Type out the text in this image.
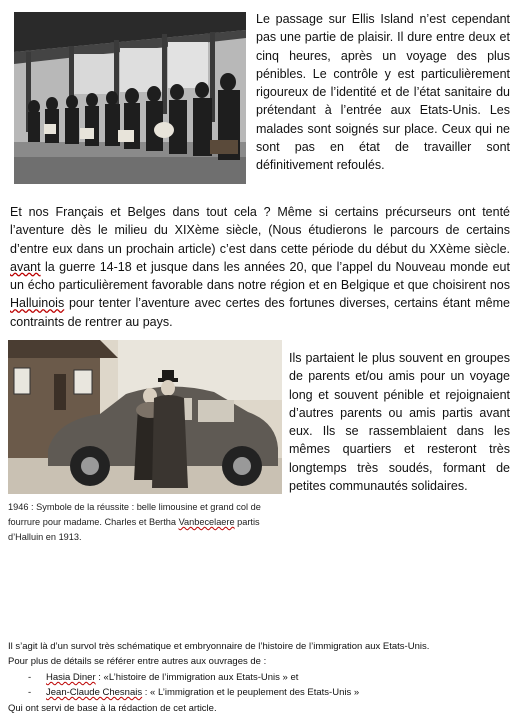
Le passage sur Ellis Island n’est cependant pas une partie de plaisir. Il dure entre deux et cinq heures, après un voyage des plus pénibles. Le contrôle y est particulièrement rigoureux de l’identité et de l’état sanitaire du prétendant à l’entrée aux Etats-Unis. Les malades sont soignés sur place. Ceux qui ne sont pas en état de travailler sont définitivement refoulés.

Et nos Français et Belges dans tout cela ? Même si certains précurseurs ont tenté l’aventure dès le milieu du XIXème siècle, (Nous étudierons le parcours de certains d’entre eux dans un prochain article) c’est dans cette période du début du XXème siècle. avant la guerre 14-18 et jusque dans les années 20, que l’appel du Nouveau monde eut un écho particulièrement favorable dans notre région et en Belgique et que choisirent nos Halluinois pour tenter l’aventure avec certes des fortunes diverses, certains étant même contraints de rentrer au pays.

1946 : Symbole de la réussite : belle limousine et grand col de fourrure pour madame. Charles et Bertha Vanbecelaere partis d’Halluin en 1913.

Ils partaient le plus souvent en groupes de parents et/ou amis pour un voyage long et souvent pénible et rejoignaient d’autres parents ou amis partis avant eux. Ils se rassemblaient dans les mêmes quartiers et resteront très longtemps très soudés, formant de petites communautés solidaires.

Il s’agit là d’un survol très schématique et embryonnaire de l’histoire de l’immigration aux Etats-Unis.
Pour plus de détails se référer entre autres aux ouvrages de :
-	Hasia Diner : «L’histoire de l’immigration aux Etats-Unis » et
-	Jean-Claude Chesnais : « L’immigration et le peuplement des Etats-Unis »
Qui ont servi de base à la rédaction de cet article.
